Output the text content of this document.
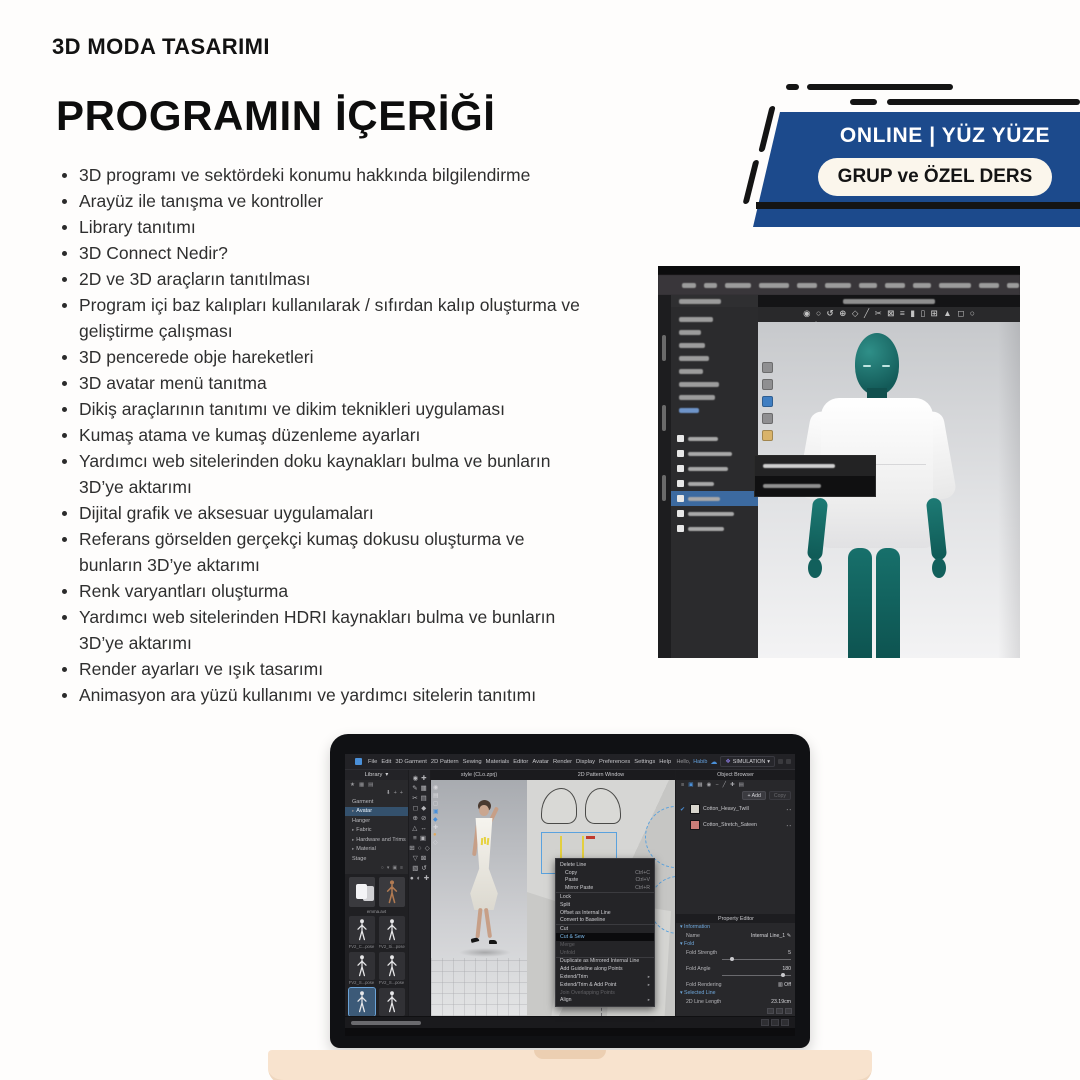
3D MODA TASARIMI
PROGRAMIN İÇERİĞİ
3D programı ve sektördeki konumu hakkında bilgilendirme
Arayüz ile tanışma ve kontroller
Library tanıtımı
3D Connect Nedir?
2D ve 3D araçların tanıtılması
Program içi baz kalıpları kullanılarak / sıfırdan kalıp oluşturma ve geliştirme çalışması
3D pencerede obje hareketleri
3D avatar menü tanıtma
Dikiş araçlarının tanıtımı ve dikim teknikleri uygulaması
Kumaş atama ve kumaş düzenleme ayarları
Yardımcı web sitelerinden doku kaynakları bulma ve bunların 3D’ye aktarımı
Dijital grafik ve aksesuar uygulamaları
Referans görselden gerçekçi kumaş dokusu oluşturma ve bunların 3D’ye aktarımı
Renk varyantları oluşturma
Yardımcı web sitelerinden HDRI kaynakları bulma ve bunların 3D’ye aktarımı
Render ayarları ve ışık tasarımı
Animasyon ara yüzü kullanımı ve yardımcı sitelerin tanıtımı
ONLINE | YÜZ YÜZE
GRUP ve ÖZEL DERS
◉ ○ ↺ ⊕ ◇ ╱ ✂ ⊠ ≡ ▮ ▯ ⊞ ▲ ◻ ○
File Edit 3D Garment 2D Pattern Sewing Materials Editor Avatar Render Display Preferences Settings Help Hello, Habib ☁ ❖ SIMULATION ▾
Library ▾
★ ▦ ▤
⬇ + +
Garment
▸ Avatar
Hanger
▸ Fabric
▸ Hardware and Trims
▸ Material
Stage
○ ▾ ▣ ≡
emma.avt
FV2_C...pose FV2_Si...pose
FV2_S...pose FV2_S...pose
◉ ✚
✎ ▦
✂ ▤
◻ ◆
⊕ ⊘
△ ↔
≡ ▣
⊞ ○ ◇
▽ ⊠
▧ ↺
● ◐ ✚
style (CLo.zprj)
◉
▤
◻
▣
◆
✚
●
◇
2D Pattern Window
Delete Line
Copy	Ctrl+C
Paste	Ctrl+V
Mirror Paste	Ctrl+R
Lock
Split
Offset as Internal Line
Convert to Baseline
Cut
Cut & Sew
Merge
Unfold
Duplicate as Mirrored Internal Line
Add Guideline along Points
Extend/Trim
▸
Extend/Trim & Add Point
▸
Join Overlapping Points
Align
▸
Object Browser
≡ ▣ ▦ ◉ − ╱ ✚ ▤
+ Add	Copy
✔	Cotton_Heavy_Twill	▪ ▪
Cotton_Stretch_Sateen	▪ ▪
Property Editor
▾ Information
Name	Internal Line_1 ✎
▾ Fold
Fold Strength	5
Fold Angle	180
Fold Rendering	▥ Off
▾ Selected Line
2D Line Length	23.19cm
